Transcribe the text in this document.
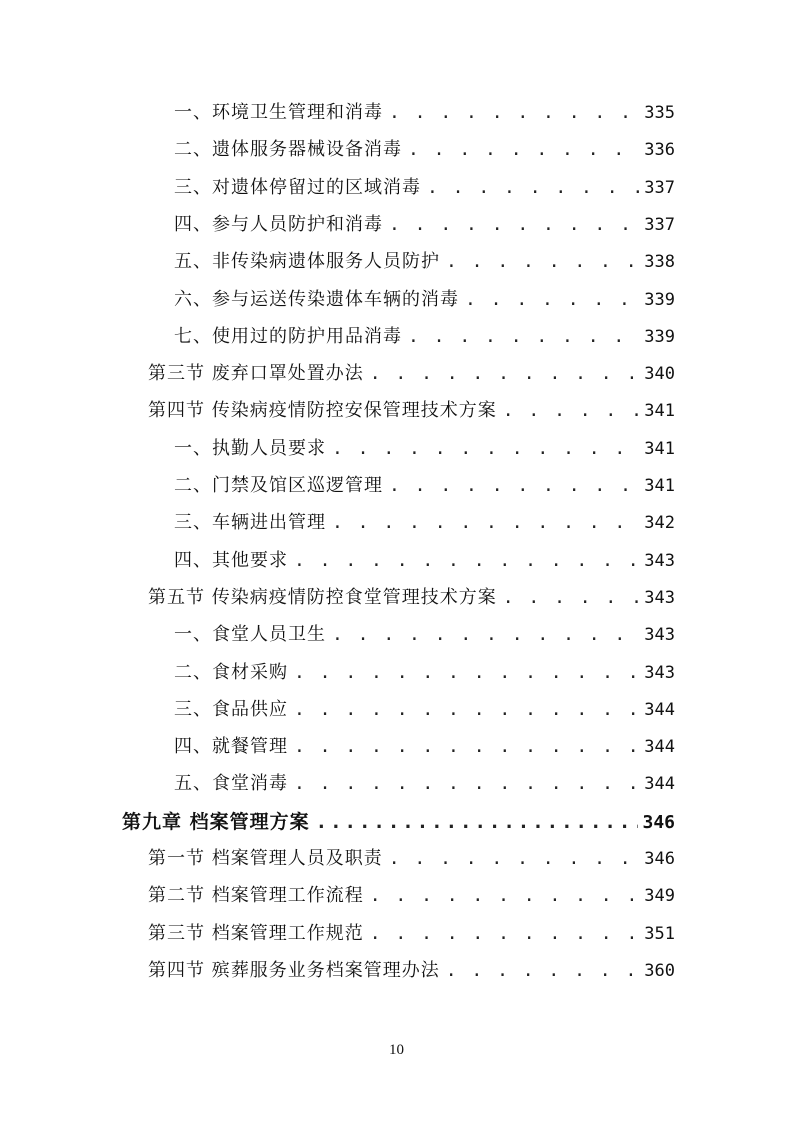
一、环境卫生管理和消毒 . . .	335
二、遗体服务器械设备消毒 . . .	336
三、对遗体停留过的区域消毒 . . .	337
四、参与人员防护和消毒 . . .	337
五、非传染病遗体服务人员防护 . . .	338
六、参与运送传染遗体车辆的消毒 . . .	339
七、使用过的防护用品消毒 . . .	339
第三节 废弃口罩处置办法 . . .	340
第四节 传染病疫情防控安保管理技术方案 . . .	341
一、执勤人员要求 . . .	341
二、门禁及馆区巡逻管理 . . .	341
三、车辆进出管理 . . .	342
四、其他要求 . . .	343
第五节 传染病疫情防控食堂管理技术方案 . . .	343
一、食堂人员卫生 . . .	343
二、食材采购 . . .	343
三、食品供应 . . .	344
四、就餐管理 . . .	344
五、食堂消毒 . . .	344
第九章 档案管理方案 .....	346
第一节 档案管理人员及职责 . . .	346
第二节 档案管理工作流程 . . .	349
第三节 档案管理工作规范 . . .	351
第四节 殡葬服务业务档案管理办法 . . .	360
10
